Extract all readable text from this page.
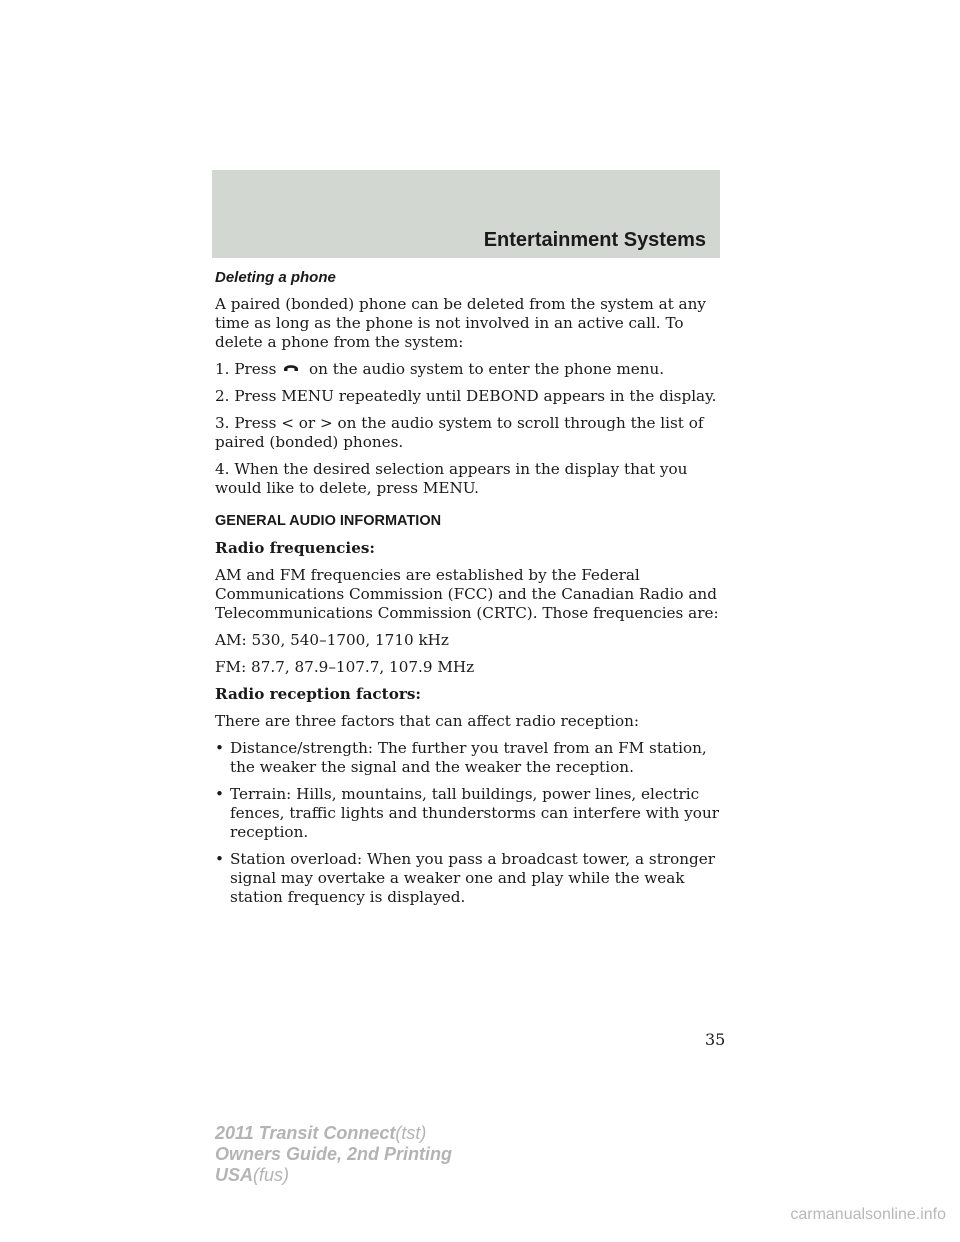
Entertainment Systems
Deleting a phone

A paired (bonded) phone can be deleted from the system at any time as long as the phone is not involved in an active call. To delete a phone from the system:

1. Press on the audio system to enter the phone menu.

2. Press MENU repeatedly until DEBOND appears in the display.

3. Press < or > on the audio system to scroll through the list of paired (bonded) phones.

4. When the desired selection appears in the display that you would like to delete, press MENU.

GENERAL AUDIO INFORMATION
Radio frequencies:

AM and FM frequencies are established by the Federal Communications Commission (FCC) and the Canadian Radio and Telecommunications Commission (CRTC). Those frequencies are:

AM: 530, 540–1700, 1710 kHz

FM: 87.7, 87.9–107.7, 107.9 MHz

Radio reception factors:

There are three factors that can affect radio reception:

• Distance/strength: The further you travel from an FM station, the weaker the signal and the weaker the reception.
• Terrain: Hills, mountains, tall buildings, power lines, electric fences, traffic lights and thunderstorms can interfere with your reception.
• Station overload: When you pass a broadcast tower, a stronger signal may overtake a weaker one and play while the weak station frequency is displayed.
35
2011 Transit Connect(tst)
Owners Guide, 2nd Printing
USA(fus)
carmanualsonline.info
